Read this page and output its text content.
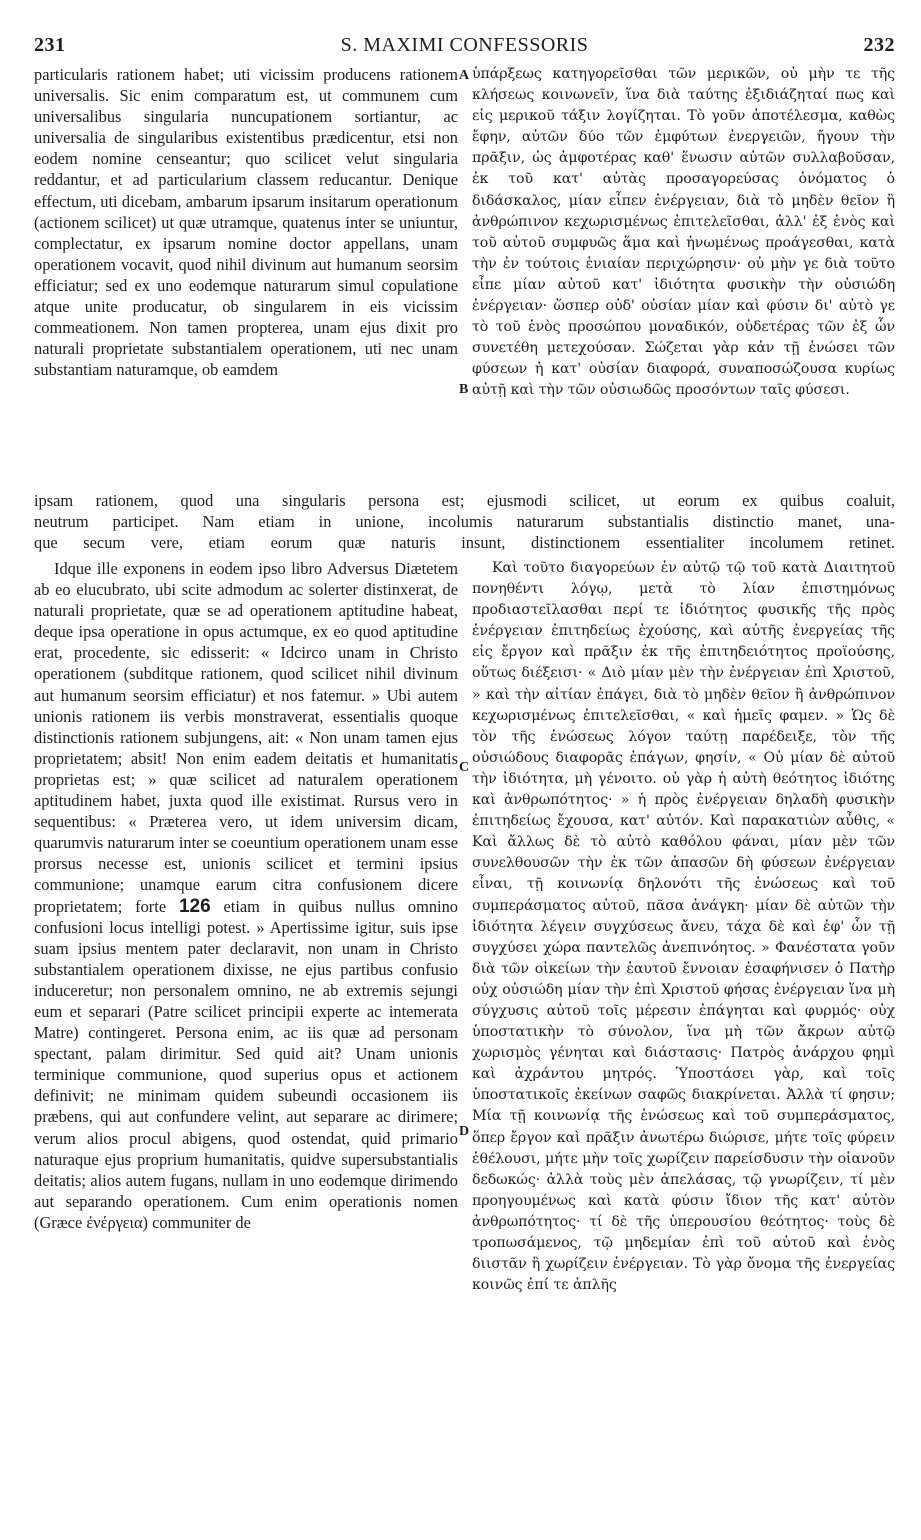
231	S. MAXIMI CONFESSORIS	232

particularis rationem habet; uti vicissim producens rationem universalis. Sic enim comparatum est, ut communem cum universalibus singularia nuncupationem sortiantur, ac universalia de singularibus existentibus prædicentur, etsi non eodem nomine censeantur; quo scilicet velut singularia reddantur, et ad particularium classem reducantur. Denique effectum, uti dicebam, ambarum ipsarum insitarum operationum (actionem scilicet) ut quæ utramque, quatenus inter se uniuntur, complectatur, ex ipsarum nomine doctor appellans, unam operationem vocavit, quod nihil divinum aut humanum seorsim efficiatur; sed ex uno eodemque naturarum simul copulatione atque unite producatur, ob singularem in eis vicissim commeationem. Non tamen propterea, unam ejus dixit pro naturali proprietate substantialem operationem, uti nec unam substantiam naturamque, ob eamdem

ὑπάρξεως κατηγορεῖσθαι τῶν μερικῶν, οὐ μὴν τε τῆς κλήσεως κοινωνεῖν, ἵνα διὰ ταύτης ἐξιδιάζηταί πως καὶ εἰς μερικοῦ τάξιν λογίζηται. Τὸ γοῦν ἀποτέλεσμα, καθὼς ἔφην, αὐτῶν δύο τῶν ἐμφύτων ἐνεργειῶν, ἤγουν τὴν πρᾶξιν, ὡς ἀμφοτέρας καθ' ἕνωσιν αὐτῶν συλλαβοῦσαν, ἐκ τοῦ κατ' αὐτὰς προσαγορεύσας ὀνόματος ὁ διδάσκαλος, μίαν εἶπεν ἐνέργειαν, διὰ τὸ μηδὲν θεῖον ἢ ἀνθρώπινον κεχωρισμένως ἐπιτελεῖσθαι, ἀλλ' ἐξ ἑνὸς καὶ τοῦ αὐτοῦ συμφυῶς ἅμα καὶ ἡνωμένως προάγεσθαι, κατὰ τὴν ἐν τούτοις ἑνιαίαν περιχώρησιν· οὐ μὴν γε διὰ τοῦτο εἶπε μίαν αὐτοῦ κατ' ἰδιότητα φυσικὴν τὴν οὐσιώδη ἐνέργειαν· ὥσπερ οὐδ' οὐσίαν μίαν καὶ φύσιν δι' αὐτὸ γε τὸ τοῦ ἑνὸς προσώπου μοναδικόν, οὐδετέρας τῶν ἐξ ὧν συνετέθη μετεχούσαν. Σώζεται γὰρ κἀν τῇ ἑνώσει τῶν φύσεων ἡ κατ' οὐσίαν διαφορά, συναποσώζουσα κυρίως αὐτῇ καὶ τὴν τῶν οὐσιωδῶς προσόντων ταῖς φύσεσι.

ipsam rationem, quod una singularis persona est; ejusmodi scilicet, ut eorum ex quibus coaluit,

neutrum participet. Nam etiam in unione, incolumis naturarum substantialis distinctio manet, una-

que secum vere, etiam eorum quæ naturis insunt, distinctionem essentialiter incolumem retinet.

Idque ille exponens in eodem ipso libro Adversus Diætetem ab eo elucubrato, ubi scite admodum ac solerter distinxerat, de naturali proprietate, quæ se ad operationem aptitudine habeat, deque ipsa operatione in opus actumque, ex eo quod aptitudine erat, procedente, sic edisserit: « Idcirco unam in Christo operationem (subditque rationem, quod scilicet nihil divinum aut humanum seorsim efficiatur) et nos fatemur. » Ubi autem unionis rationem iis verbis monstraverat, essentialis quoque distinctionis rationem subjungens, ait: « Non unam tamen ejus proprietatem; absit! Non enim eadem deitatis et humanitatis proprietas est; » quæ scilicet ad naturalem operationem aptitudinem habet, juxta quod ille existimat. Rursus vero in sequentibus: « Præterea vero, ut idem universim dicam, quarumvis naturarum inter se coeuntium operationem unam esse prorsus necesse est, unionis scilicet et termini ipsius communione; unamque earum citra confusionem dicere proprietatem; forte 126 etiam in quibus nullus omnino confusioni locus intelligi potest. » Apertissime igitur, suis ipse suam ipsius mentem pater declaravit, non unam in Christo substantialem operationem dixisse, ne ejus partibus confusio induceretur; non personalem omnino, ne ab extremis sejungi eum et separari (Patre scilicet principii experte ac intemerata Matre) contingeret. Persona enim, ac iis quæ ad personam spectant, palam dirimitur. Sed quid ait? Unam unionis terminique communione, quod superius opus et actionem definivit; ne minimam quidem subeundi occasionem iis præbens, qui aut confundere velint, aut separare ac dirimere; verum alios procul abigens, quod ostendat, quid primario naturaque ejus proprium humanitatis, quidve supersubstantialis deitatis; alios autem fugans, nullam in uno eodemque dirimendo aut separando operationem. Cum enim operationis nomen (Græce ἐνέργεια) communiter de

Καὶ τοῦτο διαγορεύων ἐν αὐτῷ τῷ τοῦ κατὰ Διαιτητοῦ πονηθέντι λόγῳ, μετὰ τὸ λίαν ἐπιστημόνως προδιαστεῖλασθαι περί τε ἰδιότητος φυσικῆς τῆς πρὸς ἐνέργειαν ἐπιτηδείως ἐχούσης, καὶ αὐτῆς ἐνεργείας τῆς εἰς ἔργον καὶ πρᾶξιν ἐκ τῆς ἐπιτηδειότητος προϊούσης, οὕτως διέξεισι· « Διὸ μίαν μὲν τὴν ἐνέργειαν ἐπὶ Χριστοῦ, » καὶ τὴν αἰτίαν ἐπάγει, διὰ τὸ μηδὲν θεῖον ἢ ἀνθρώπινον κεχωρισμένως ἐπιτελεῖσθαι, « καὶ ἡμεῖς φαμεν. » Ὡς δὲ τὸν τῆς ἑνώσεως λόγον ταύτῃ παρέδειξε, τὸν τῆς οὐσιώδους διαφορᾶς ἐπάγων, φησίν, « Οὐ μίαν δὲ αὐτοῦ τὴν ἰδιότητα, μὴ γένοιτο. οὐ γὰρ ἡ αὐτὴ θεότητος ἰδιότης καὶ ἀνθρωπότητος· » ἡ πρὸς ἐνέργειαν δηλαδὴ φυσικὴν ἐπιτηδείως ἔχουσα, κατ' αὐτόν. Καὶ παρακατιὼν αὖθις, « Καὶ ἄλλως δὲ τὸ αὐτὸ καθόλου φάναι, μίαν μὲν τῶν συνελθουσῶν τὴν ἐκ τῶν ἁπασῶν δὴ φύσεων ἐνέργειαν εἶναι, τῇ κοινωνίᾳ δηλονότι τῆς ἑνώσεως καὶ τοῦ συμπεράσματος αὐτοῦ, πᾶσα ἀνάγκη· μίαν δὲ αὐτῶν τὴν ἰδιότητα λέγειν συγχύσεως ἄνευ, τάχα δὲ καὶ ἐφ' ὧν τῇ συγχύσει χώρα παντελῶς ἀνεπινόητος. » Φανέστατα γοῦν διὰ τῶν οἰκείων τὴν ἑαυτοῦ ἔννοιαν ἐσαφήνισεν ὁ Πατὴρ οὐχ οὐσιώδη μίαν τὴν ἐπὶ Χριστοῦ φήσας ἐνέργειαν ἵνα μὴ σύγχυσις αὐτοῦ τοῖς μέρεσιν ἐπάγηται καὶ φυρμός· οὐχ ὑποστατικὴν τὸ σύνολον, ἵνα μὴ τῶν ἄκρων αὐτῷ χωρισμὸς γένηται καὶ διάστασις· Πατρὸς ἀνάρχου φημὶ καὶ ἀχράντου μητρός. Ὑποστάσει γὰρ, καὶ τοῖς ὑποστατικοῖς ἐκείνων σαφῶς διακρίνεται. Ἀλλὰ τί φησιν; Μία τῇ κοινωνίᾳ τῆς ἑνώσεως καὶ τοῦ συμπεράσματος, ὅπερ ἔργον καὶ πρᾶξιν ἀνωτέρω διώρισε, μήτε τοῖς φύρειν ἐθέλουσι, μήτε μὴν τοῖς χωρίζειν παρείσδυσιν τὴν οἱανοῦν δεδωκώς· ἀλλὰ τοὺς μὲν ἀπελάσας, τῷ γνωρίζειν, τί μὲν προηγουμένως καὶ κατὰ φύσιν ἴδιον τῆς κατ' αὐτὸν ἀνθρωπότητος· τί δὲ τῆς ὑπερουσίου θεότητος· τοὺς δὲ τροπωσάμενος, τῷ μηδεμίαν ἐπὶ τοῦ αὐτοῦ καὶ ἑνὸς διιστᾶν ἢ χωρίζειν ἐνέργειαν. Τὸ γὰρ ὄνομα τῆς ἐνεργείας κοινῶς ἐπί τε ἁπλῆς

A
B
C
D
